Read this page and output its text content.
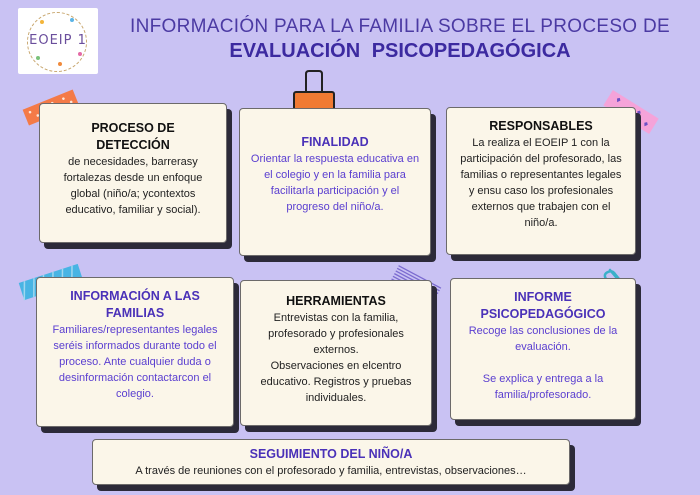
EOEIP 1
INFORMACIÓN PARA LA FAMILIA SOBRE EL PROCESO DE
EVALUACIÓN PSICOPEDAGÓGICA
PROCESO DE
DETECCIÓN
de necesidades, barrerasy fortalezas desde un enfoque global (niño/a; ycontextos educativo, familiar y social).
FINALIDAD
Orientar la respuesta educativa en el colegio y en la familia para facilitarla participación y el progreso del niño/a.
RESPONSABLES
La realiza el EOEIP 1 con la participación del profesorado, las familias o representantes legales y ensu caso los profesionales externos que trabajen con el niño/a.
INFORMACIÓN A LAS FAMILIAS
Familiares/representantes legales seréis informados durante todo el proceso. Ante cualquier duda o desinformación contactarcon el colegio.
HERRAMIENTAS
Entrevistas con la familia, profesorado y profesionales externos.
Observaciones en elcentro educativo. Registros y pruebas individuales.
INFORME
PSICOPEDAGÓGICO
Recoge las conclusiones de la evaluación.
Se explica y entrega a la familia/profesorado.
SEGUIMIENTO DEL NIÑO/A
A través de reuniones con el profesorado y familia, entrevistas, observaciones…
